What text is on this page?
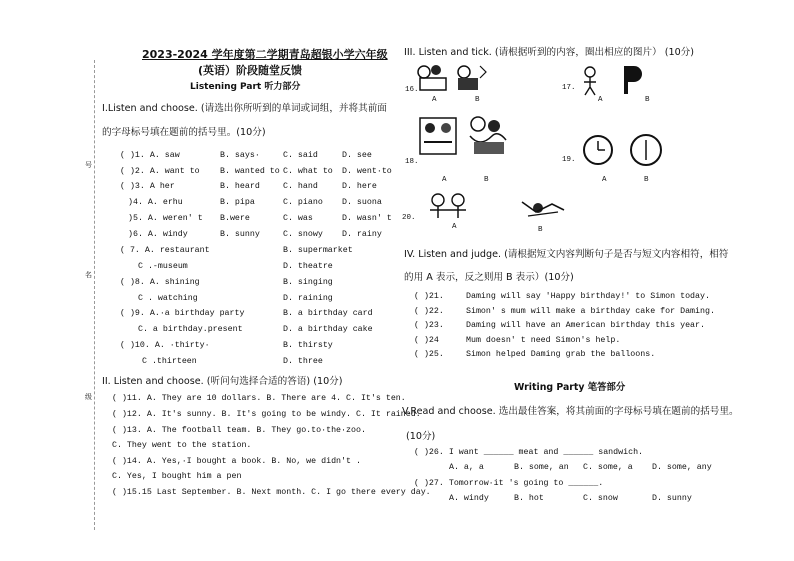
号
名
级
2023-2024 学年度第二学期青岛超银小学六年级
(英语）阶段随堂反馈
Listening Part 听力部分
Ⅰ.Listen and choose. (请选出你所听到的单词或词组，并将其前面
的字母标号填在题前的括号里。(10分)
( )1. A. saw	B. says·	C. said	D. see
( )2. A. want to B. wanted to C. what to D. went·to
( )3. A her	B. heard	C. hand	D. here
)4. A. erhu	B. pipa	C. piano D. suona
)5. A. weren' t B.were	C. was	D. wasn' t
)6. A. windy	B. sunny	C. snowy D. rainy
( 7. A. restaurant	B. supermarket
C .-museum	D. theatre
( )8. A. shining	B. singing
C . watching	D. raining
( )9. A.·a birthday party	B. a birthday card
C. a birthday.present	D. a birthday cake
( )10. A. ·thirty·	B. thirsty
C .thirteen	D. three
II. Listen and choose. (听问句选择合适的答语) (10分)
( )11. A. They are 10 dollars. B. There are 4. C. It's ten.
( )12. A. It's sunny. B. It's going to be windy. C. It rained.
( )13. A. The football team. B. They go.to·the·zoo.
C. They went to the station.
( )14. A. Yes,·I bought a book. B. No, we didn't .
C. Yes, I bought him a pen
( )15.15 Last September. B. Next month. C. I go there every day.
III. Listen and tick. (请根据听到的内容，圈出相应的图片） (10分)
16.
A	B
17.
A	B
18.
A	B
19.
A	B
20.
A	B
IV. Listen and judge. (请根据短文内容判断句子是否与短文内容相符，相符
的用 A 表示，反之则用 B 表示）(10分)
( )21.	Daming will say 'Happy birthday!' to Simon today.
( )22.	Simon' s mum will make a birthday cake for Daming.
( )23.	Daming will have an American birthday this year.
( )24	Mum doesn' t need Simon's help.
( )25.	Simon helped Daming grab the balloons.
Writing Party 笔答部分
V.Read and choose. 选出最佳答案，将其前面的字母标号填在题前的括号里。
(10分)
( )26. I want ______ meat and ______ sandwich.
A. a, a	B. some, an C. some, a D. some, any
( )27. Tomorrow·it 's going to ______.
A. windy	B. hot	C. snow	D. sunny
